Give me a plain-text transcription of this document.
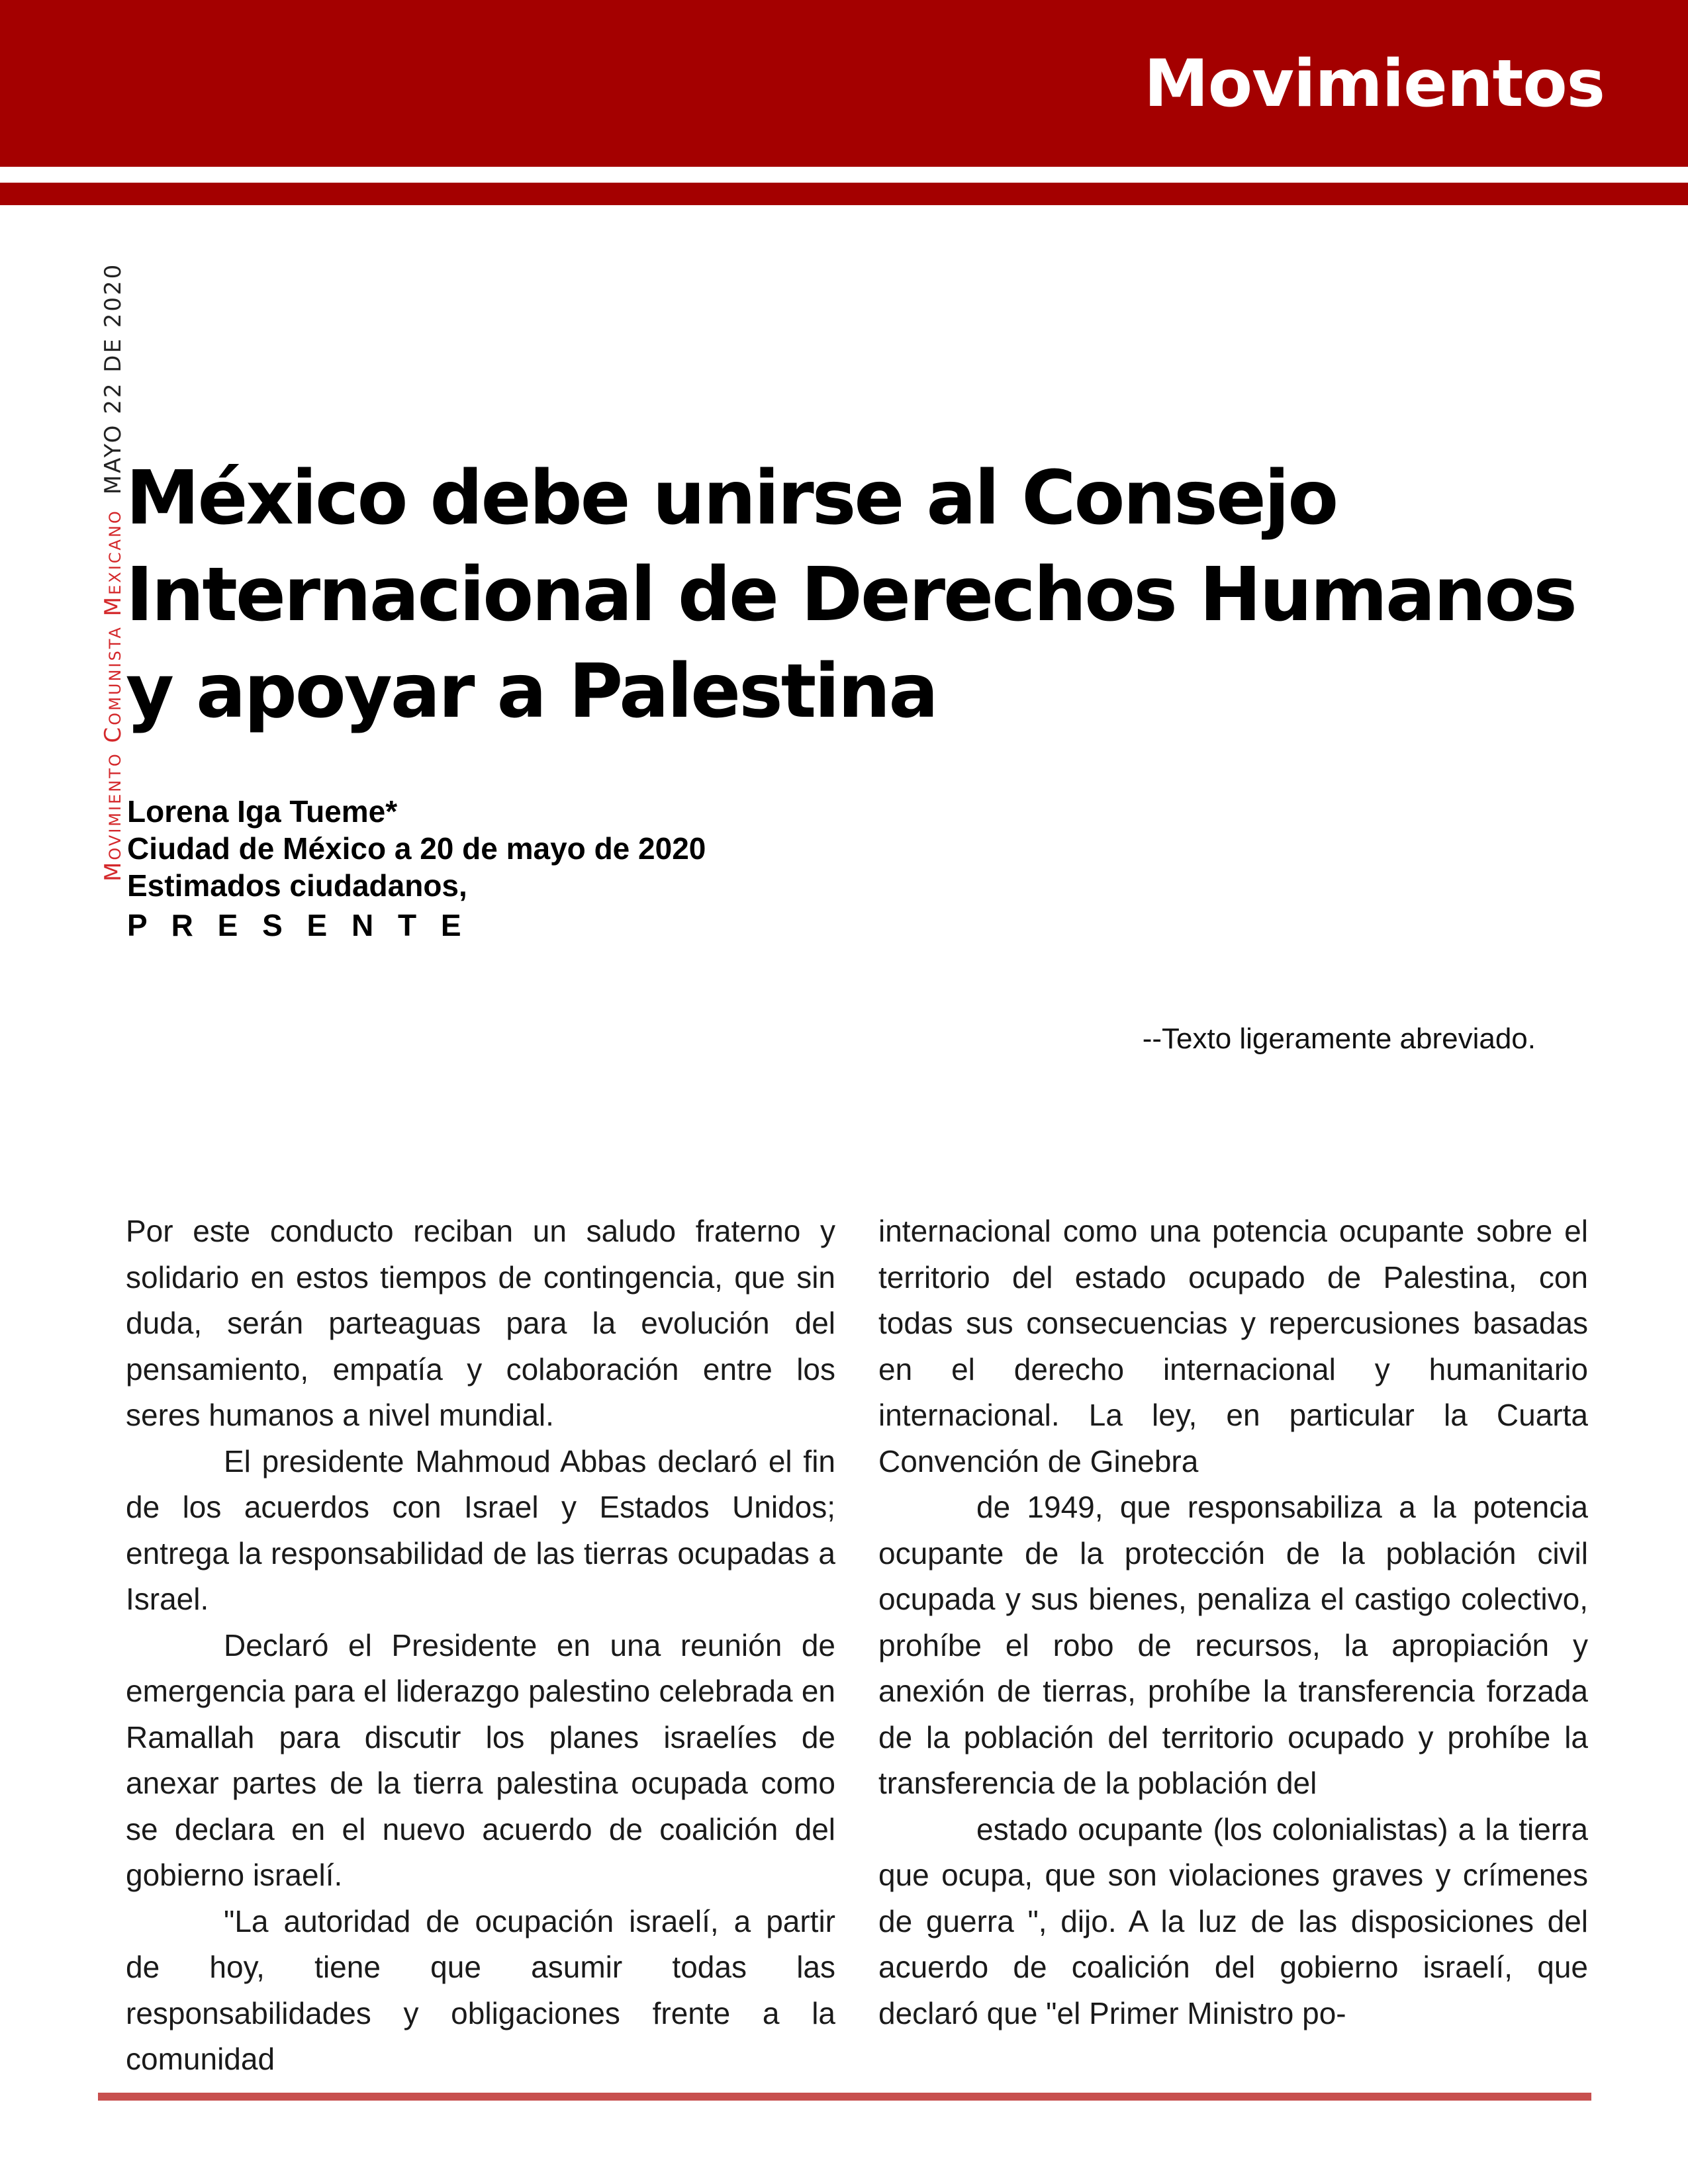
Movimientos
Movimiento Comunista MexicanoMAYO 22 DE 2020
México debe unirse al Consejo Internacional de Derechos Humanos y apoyar a Palestina
Lorena Iga Tueme*
Ciudad de México a 20 de mayo de 2020
Estimados ciudadanos,
P R E S E N T E
--Texto ligeramente abreviado.

Por este conducto reciban un saludo fraterno y solidario en estos tiempos de contingencia, que sin duda, serán parteaguas para la evolución del pensamiento, empatía y colaboración entre los seres humanos a nivel mundial.

El presidente Mahmoud Abbas declaró el fin de los acuerdos con Israel y Estados Unidos; entrega la responsabilidad de las tierras ocupadas a Israel.

Declaró el Presidente en una reunión de emergencia para el liderazgo palestino celebrada en Ramallah para discutir los planes israelíes de anexar partes de la tierra palestina ocupada como se declara en el nuevo acuerdo de coalición del gobierno israelí.

"La autoridad de ocupación israelí, a partir de hoy, tiene que asumir todas las responsabilidades y obligaciones frente a la comunidad

internacional como una potencia ocupante sobre el territorio del estado ocupado de Palestina, con todas sus consecuencias y repercusiones basadas en el derecho internacional y humanitario internacional. La ley, en particular la Cuarta Convención de Ginebra

de 1949, que responsabiliza a la potencia ocupante de la protección de la población civil ocupada y sus bienes, penaliza el castigo colectivo, prohíbe el robo de recursos, la apropiación y anexión de tierras, prohíbe la transferencia forzada de la población del territorio ocupado y prohíbe la transferencia de la población del

estado ocupante (los colonialistas) a la tierra que ocupa, que son violaciones graves y crímenes de guerra ", dijo. A la luz de las disposiciones del acuerdo de coalición del gobierno israelí, que declaró que "el Primer Ministro po-
